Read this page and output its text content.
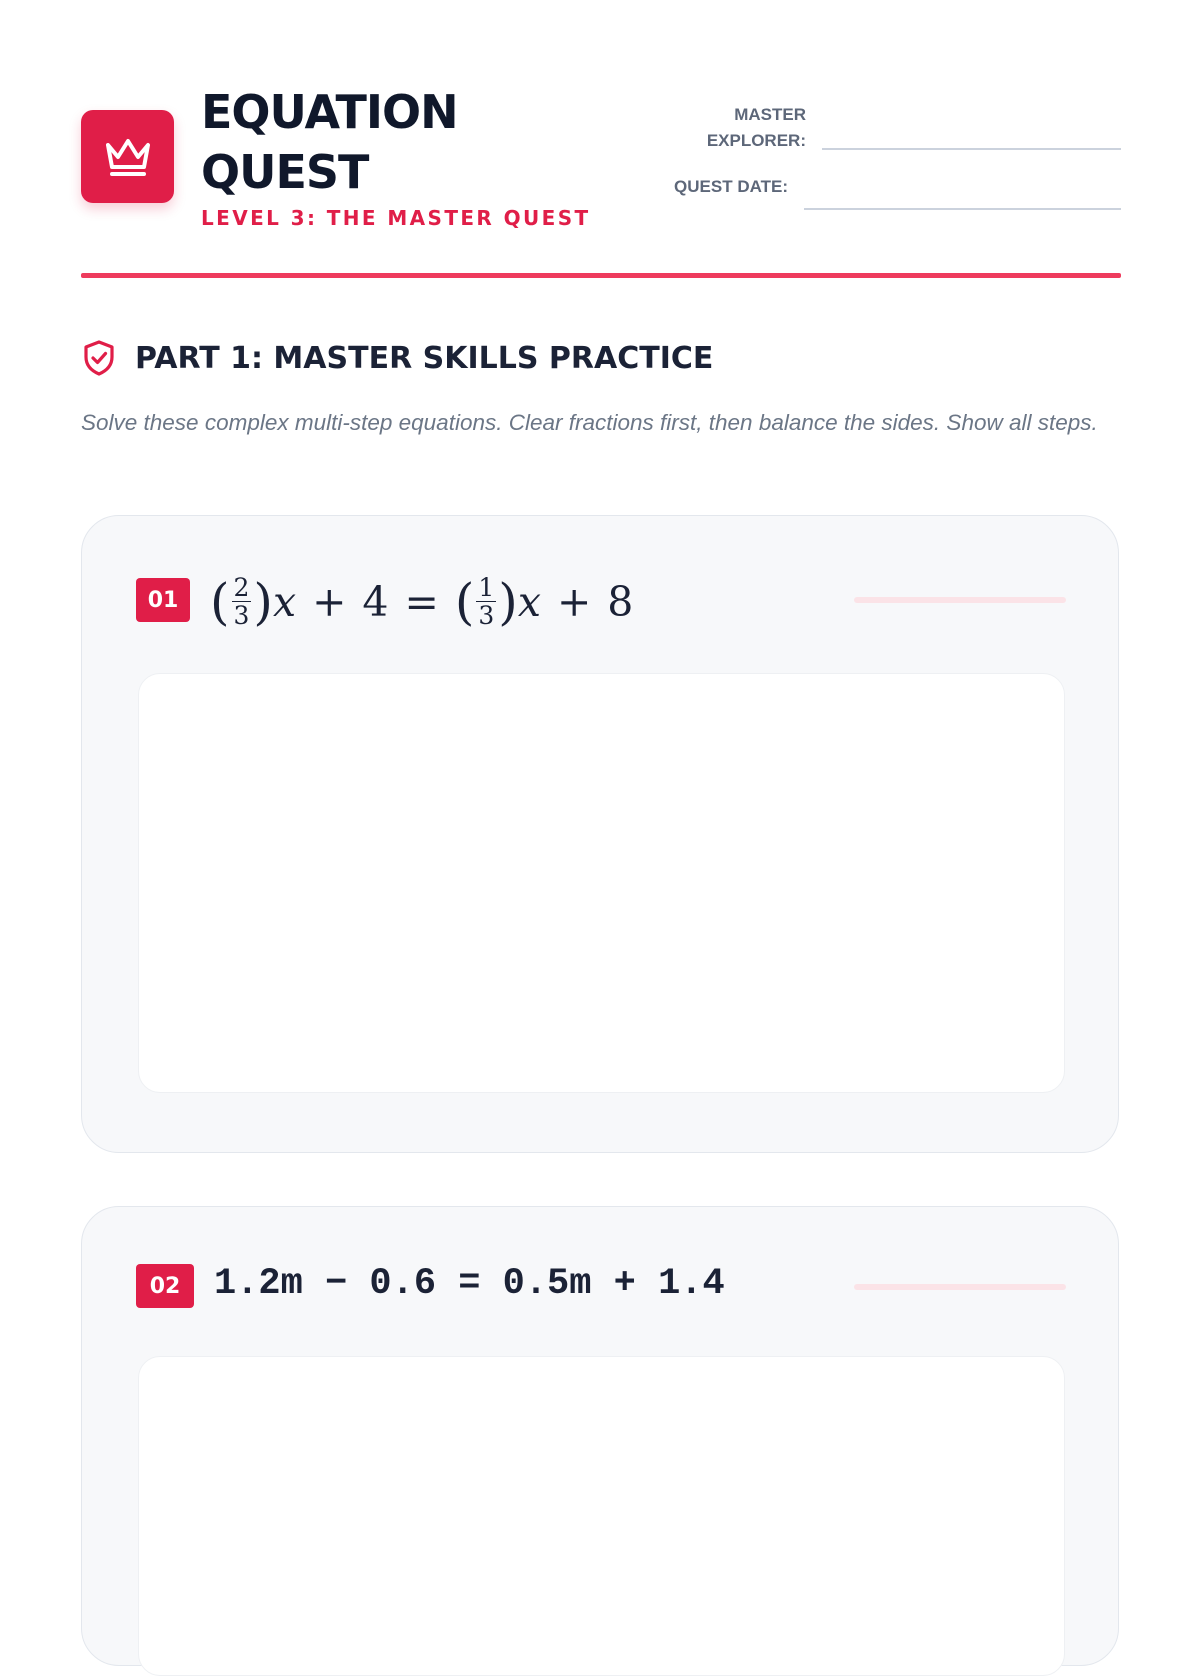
EQUATION
QUEST
LEVEL 3: THE MASTER QUEST
MASTER
EXPLORER:
QUEST DATE:
PART 1: MASTER SKILLS PRACTICE
Solve these complex multi-step equations. Clear fractions first, then balance the sides. Show all steps.
01 ( $\frac{2}{3}$ ) x + 4 = ( $\frac{1}{3}$ ) x + 8
02 1.2m − 0.6 = 0.5m + 1.4
